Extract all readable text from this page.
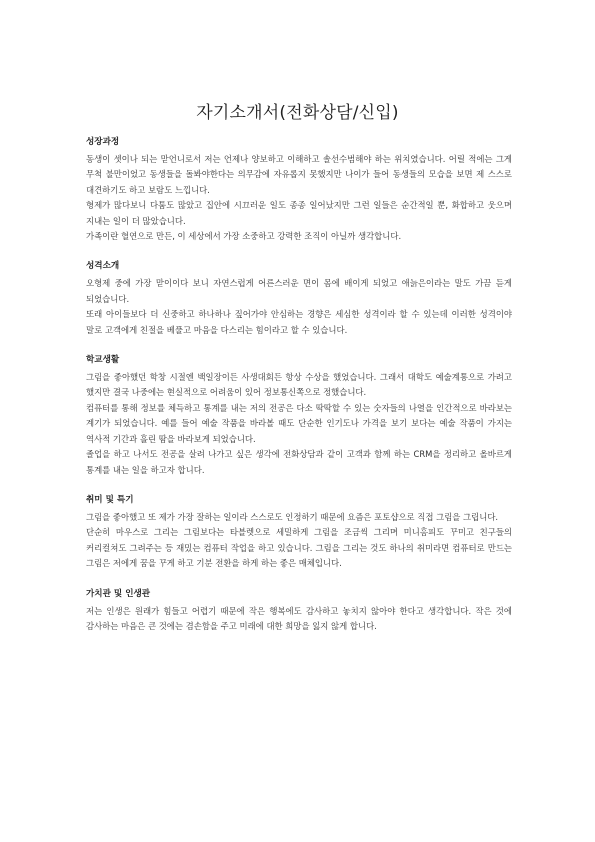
자기소개서(전화상담/신입)
성장과정

동생이 셋이나 되는 맏언니로서 저는 언제나 양보하고 이해하고 솔선수범해야 하는 위치였습니다. 어릴 적에는 그게 무척 불만이었고 동생들을 돌봐야한다는 의무감에 자유롭지 못했지만 나이가 들어 동생들의 모습을 보면 제 스스로 대견하기도 하고 보람도 느낍니다.

형제가 많다보니 다툼도 많았고 집안에 시끄러운 일도 종종 일어났지만 그런 일들은 순간적일 뿐, 화합하고 웃으며 지내는 일이 더 많았습니다.

가족이란 혈연으로 만든, 이 세상에서 가장 소중하고 강력한 조직이 아닐까 생각합니다.

성격소개

오형제 중에 가장 맏이이다 보니 자연스럽게 어른스러운 면이 몸에 배이게 되었고 애늙은이라는 말도 가끔 듣게 되었습니다.

또래 아이들보다 더 신중하고 하나하나 짚어가야 안심하는 경향은 세심한 성격이라 할 수 있는데 이러한 성격이야 말로 고객에게 친절을 베풀고 마음을 다스리는 힘이라고 할 수 있습니다.

학교생활

그림을 좋아했던 학창 시절엔 백일장이든 사생대회든 항상 수상을 했었습니다. 그래서 대학도 예술계통으로 가려고 했지만 결국 나중에는 현실적으로 어려움이 있어 정보통신쪽으로 정했습니다.

컴퓨터를 통해 정보를 체득하고 통계를 내는 저의 전공은 다소 딱딱할 수 있는 숫자들의 나열을 인간적으로 바라보는 계기가 되었습니다. 예를 들어 예술 작품을 바라볼 때도 단순한 인기도나 가격을 보기 보다는 예술 작품이 가지는 역사적 기간과 흘린 땀을 바라보게 되었습니다.

졸업을 하고 나서도 전공을 살려 나가고 싶은 생각에 전화상담과 같이 고객과 함께 하는 CRM을 정리하고 올바르게 통계를 내는 일을 하고자 합니다.

취미 및 특기

그림을 좋아했고 또 제가 가장 잘하는 일이라 스스로도 인정하기 때문에 요즘은 포토샵으로 직접 그림을 그립니다.

단순히 마우스로 그리는 그림보다는 타블렛으로 세밀하게 그림을 조금씩 그리며 미니홈피도 꾸미고 친구들의 커리컬쳐도 그려주는 등 재밌는 컴퓨터 작업을 하고 있습니다. 그림을 그리는 것도 하나의 취미라면 컴퓨터로 만드는 그림은 저에게 꿈을 꾸게 하고 기분 전환을 하게 하는 좋은 매체입니다.

가치관 및 인생관

저는 인생은 원래가 힘들고 어렵기 때문에 작은 행복에도 감사하고 놓치지 않아야 한다고 생각합니다. 작은 것에 감사하는 마음은 큰 것에는 겸손함을 주고 미래에 대한 희망을 잃지 않게 합니다.
